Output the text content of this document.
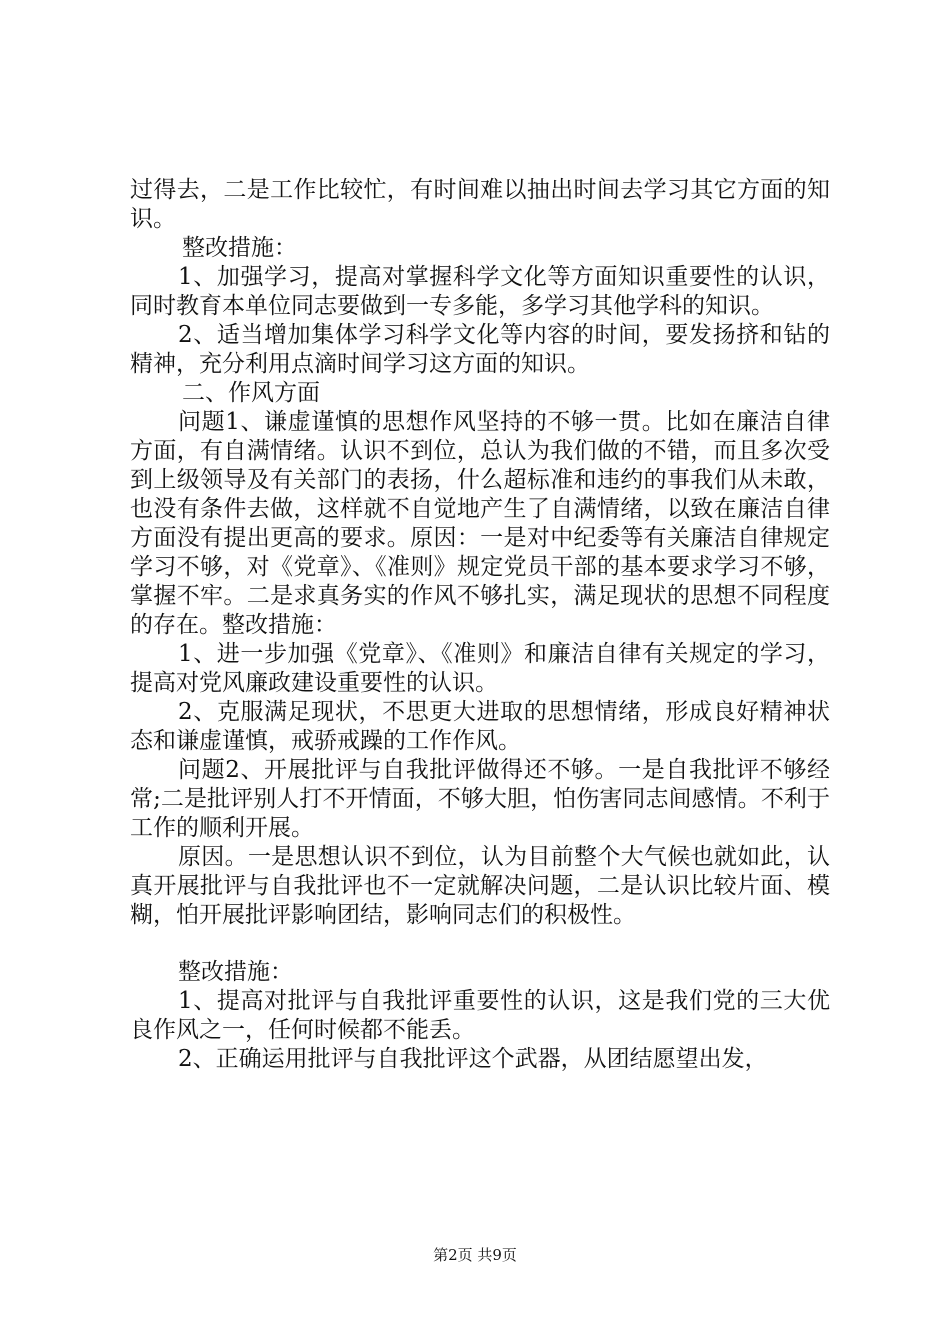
过得去，二是工作比较忙，有时间难以抽出时间去学习其它方面的知识。

整改措施：

1、加强学习，提高对掌握科学文化等方面知识重要性的认识，同时教育本单位同志要做到一专多能，多学习其他学科的知识。

2、适当增加集体学习科学文化等内容的时间，要发扬挤和钻的精神，充分利用点滴时间学习这方面的知识。

二、作风方面

问题1、谦虚谨慎的思想作风坚持的不够一贯。比如在廉洁自律方面，有自满情绪。认识不到位，总认为我们做的不错，而且多次受到上级领导及有关部门的表扬，什么超标准和违约的事我们从未敢，也没有条件去做，这样就不自觉地产生了自满情绪，以致在廉洁自律方面没有提出更高的要求。原因：一是对中纪委等有关廉洁自律规定学习不够，对《党章》、《准则》规定党员干部的基本要求学习不够，掌握不牢。二是求真务实的作风不够扎实，满足现状的思想不同程度的存在。整改措施：

1、进一步加强《党章》、《准则》和廉洁自律有关规定的学习，提高对党风廉政建设重要性的认识。

2、克服满足现状，不思更大进取的思想情绪，形成良好精神状态和谦虚谨慎，戒骄戒躁的工作作风。

问题2、开展批评与自我批评做得还不够。一是自我批评不够经常;二是批评别人打不开情面，不够大胆，怕伤害同志间感情。不利于工作的顺利开展。

原因。一是思想认识不到位，认为目前整个大气候也就如此，认真开展批评与自我批评也不一定就解决问题，二是认识比较片面、模糊，怕开展批评影响团结，影响同志们的积极性。

整改措施：

1、提高对批评与自我批评重要性的认识，这是我们党的三大优良作风之一，任何时候都不能丢。

2、正确运用批评与自我批评这个武器，从团结愿望出发，

第2页 共9页
